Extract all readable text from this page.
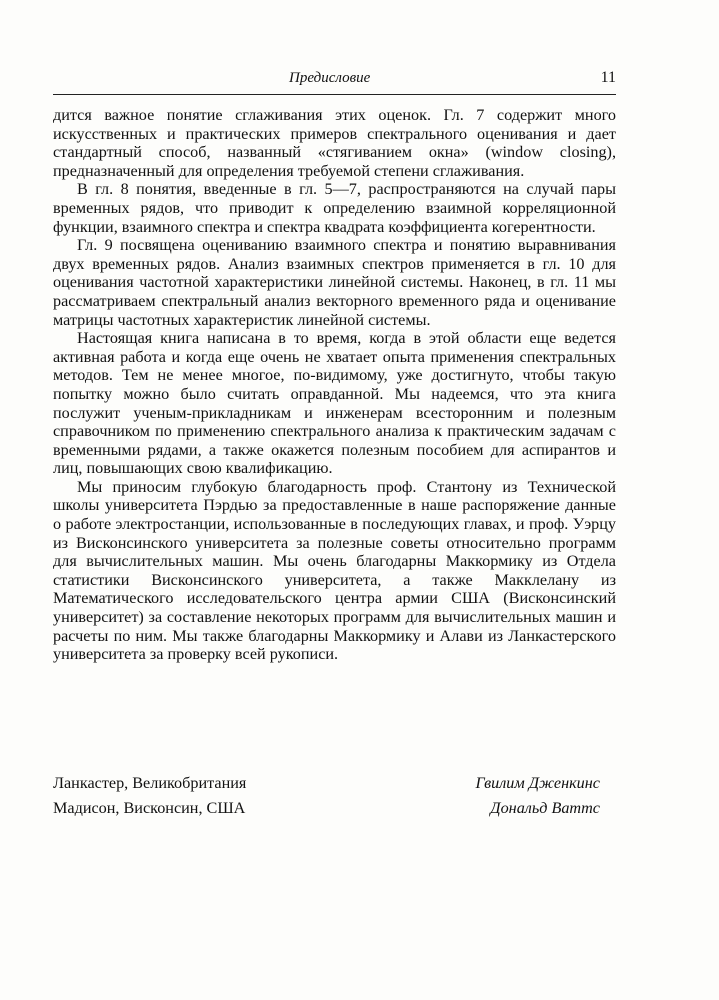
Предисловие	11

дится важное понятие сглаживания этих оценок. Гл. 7 содержит много искусственных и практических примеров спектрального оценивания и дает стандартный способ, названный «стягиванием окна» (window closing), предназначенный для определения требуемой степени сглаживания.

В гл. 8 понятия, введенные в гл. 5—7, распространяются на случай пары временных рядов, что приводит к определению взаимной корреляционной функции, взаимного спектра и спектра квадрата коэффициента когерентности.

Гл. 9 посвящена оцениванию взаимного спектра и понятию выравнивания двух временных рядов. Анализ взаимных спектров применяется в гл. 10 для оценивания частотной характеристики линейной системы. Наконец, в гл. 11 мы рассматриваем спектральный анализ векторного временного ряда и оценивание матрицы частотных характеристик линейной системы.

Настоящая книга написана в то время, когда в этой области еще ведется активная работа и когда еще очень не хватает опыта применения спектральных методов. Тем не менее многое, по-видимому, уже достигнуто, чтобы такую попытку можно было считать оправданной. Мы надеемся, что эта книга послужит ученым-прикладникам и инженерам всесторонним и полезным справочником по применению спектрального анализа к практическим задачам с временными рядами, а также окажется полезным пособием для аспирантов и лиц, повышающих свою квалификацию.

Мы приносим глубокую благодарность проф. Стантону из Технической школы университета Пэрдью за предоставленные в наше распоряжение данные о работе электростанции, использованные в последующих главах, и проф. Уэрцу из Висконсинского университета за полезные советы относительно программ для вычислительных машин. Мы очень благодарны Маккормику из Отдела статистики Висконсинского университета, а также Макклелану из Математического исследовательского центра армии США (Висконсинский университет) за составление некоторых программ для вычислительных машин и расчеты по ним. Мы также благодарны Маккормику и Алави из Ланкастерского университета за проверку всей рукописи.

Ланкастер, Великобритания	Гвилим Дженкинс
Мадисон, Висконсин, США	Дональд Ваттс
